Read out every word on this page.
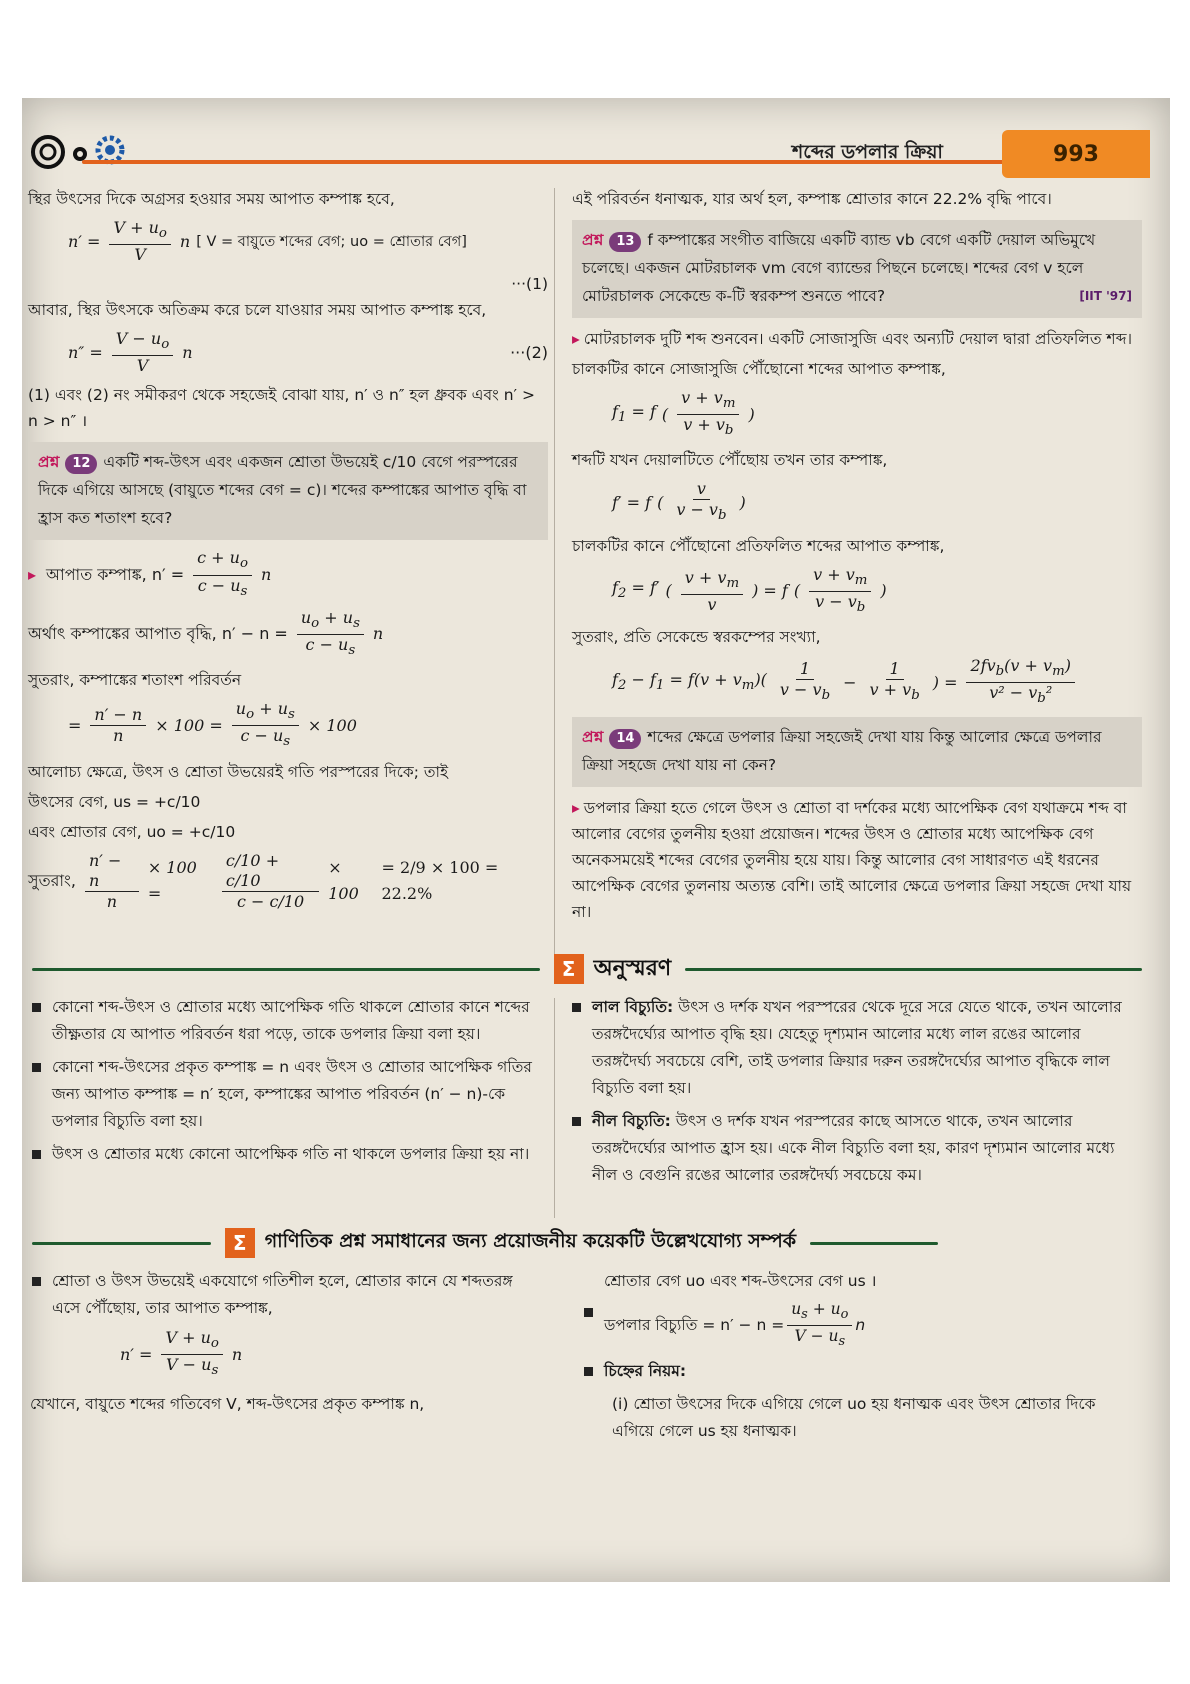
শব্দের ডপলার ক্রিয়া	993

স্থির উৎসের দিকে অগ্রসর হওয়ার সময় আপাত কম্পাঙ্ক হবে,

$n' = \frac{V + u_o}{V}$ n [ V = বায়ুতে শব্দের বেগ; uo = শ্রোতার বেগ]
···(1)

আবার, স্থির উৎসকে অতিক্রম করে চলে যাওয়ার সময় আপাত কম্পাঙ্ক হবে,

$n'' = \frac{V - u_o}{V}$ n	···(2)

(1) এবং (2) নং সমীকরণ থেকে সহজেই বোঝা যায়, n′ ও n″ হল ধ্রুবক এবং n′ > n > n″ ।

প্রশ্ন 12 একটি শব্দ-উৎস এবং একজন শ্রোতা উভয়েই c/10 বেগে পরস্পরের দিকে এগিয়ে আসছে (বায়ুতে শব্দের বেগ = c)। শব্দের কম্পাঙ্কের আপাত বৃদ্ধি বা হ্রাস কত শতাংশ হবে?
▸ আপাত কম্পাঙ্ক, $n' = \frac{c + u_o}{c - u_s}$ n
অর্থাৎ কম্পাঙ্কের আপাত বৃদ্ধি, $n' - n = \frac{u_o + u_s}{c - u_s}$ n

সুতরাং, কম্পাঙ্কের শতাংশ পরিবর্তন

= $\frac{n' - n}{n} \times 100 = \frac{u_o + u_s}{c - u_s} \times 100$

আলোচ্য ক্ষেত্রে, উৎস ও শ্রোতা উভয়েরই গতি পরস্পরের দিকে; তাই

উৎসের বেগ, us = +c/10

এবং শ্রোতার বেগ, uo = +c/10

সুতরাং, $\frac{n' - n}{n} \times 100$ =	$\frac{c/10 + c/10}{c - c/10} \times 100$
= 2/9 × 100 = 22.2%

এই পরিবর্তন ধনাত্মক, যার অর্থ হল, কম্পাঙ্ক শ্রোতার কানে 22.2% বৃদ্ধি পাবে।

প্রশ্ন 13 f কম্পাঙ্কের সংগীত বাজিয়ে একটি ব্যান্ড vb বেগে একটি দেয়াল অভিমুখে চলেছে। একজন মোটরচালক vm বেগে ব্যান্ডের পিছনে চলেছে। শব্দের বেগ v হলে মোটরচালক সেকেন্ডে ক-টি স্বরকম্প শুনতে পাবে?	[IIT '97]

▸ মোটরচালক দুটি শব্দ শুনবেন। একটি সোজাসুজি এবং অন্যটি দেয়াল দ্বারা প্রতিফলিত শব্দ।

চালকটির কানে সোজাসুজি পৌঁছোনো শব্দের আপাত কম্পাঙ্ক,

$f_1 = f$ ( $\frac{v + v_m}{v + v_b}$ )

শব্দটি যখন দেয়ালটিতে পৌঁছোয় তখন তার কম্পাঙ্ক,

f′ = f ( $\frac{v}{v - v_b}$ )

চালকটির কানে পৌঁছোনো প্রতিফলিত শব্দের আপাত কম্পাঙ্ক,

$f_2 = f'$ ( $\frac{v + v_m}{v}$ ) = f ( $\frac{v + v_m}{v - v_b}$ )

সুতরাং, প্রতি সেকেন্ডে স্বরকম্পের সংখ্যা,

$f_2 - f_1 = f(v + v_m)( \frac{1}{v - v_b} - \frac{1}{v + v_b}$ ) = $\frac{2fv_b(v + v_m)}{v^2 - v_b^2}$
প্রশ্ন 14 শব্দের ক্ষেত্রে ডপলার ক্রিয়া সহজেই দেখা যায় কিন্তু আলোর ক্ষেত্রে ডপলার ক্রিয়া সহজে দেখা যায় না কেন?

▸ ডপলার ক্রিয়া হতে গেলে উৎস ও শ্রোতা বা দর্শকের মধ্যে আপেক্ষিক বেগ যথাক্রমে শব্দ বা আলোর বেগের তুলনীয় হওয়া প্রয়োজন। শব্দের উৎস ও শ্রোতার মধ্যে আপেক্ষিক বেগ অনেকসময়েই শব্দের বেগের তুলনীয় হয়ে যায়। কিন্তু আলোর বেগ সাধারণত এই ধরনের আপেক্ষিক বেগের তুলনায় অত্যন্ত বেশি। তাই আলোর ক্ষেত্রে ডপলার ক্রিয়া সহজে দেখা যায় না।

Σ অনুস্মরণ
কোনো শব্দ-উৎস ও শ্রোতার মধ্যে আপেক্ষিক গতি থাকলে শ্রোতার কানে শব্দের তীক্ষ্ণতার যে আপাত পরিবর্তন ধরা পড়ে, তাকে ডপলার ক্রিয়া বলা হয়।
কোনো শব্দ-উৎসের প্রকৃত কম্পাঙ্ক = n এবং উৎস ও শ্রোতার আপেক্ষিক গতির জন্য আপাত কম্পাঙ্ক = n′ হলে, কম্পাঙ্কের আপাত পরিবর্তন (n′ − n)-কে ডপলার বিচ্যুতি বলা হয়।
উৎস ও শ্রোতার মধ্যে কোনো আপেক্ষিক গতি না থাকলে ডপলার ক্রিয়া হয় না।
লাল বিচ্যুতি: উৎস ও দর্শক যখন পরস্পরের থেকে দূরে সরে যেতে থাকে, তখন আলোর তরঙ্গদৈর্ঘ্যের আপাত বৃদ্ধি হয়। যেহেতু দৃশ্যমান আলোর মধ্যে লাল রঙের আলোর তরঙ্গদৈর্ঘ্য সবচেয়ে বেশি, তাই ডপলার ক্রিয়ার দরুন তরঙ্গদৈর্ঘ্যের আপাত বৃদ্ধিকে লাল বিচ্যুতি বলা হয়।
নীল বিচ্যুতি: উৎস ও দর্শক যখন পরস্পরের কাছে আসতে থাকে, তখন আলোর তরঙ্গদৈর্ঘ্যের আপাত হ্রাস হয়। একে নীল বিচ্যুতি বলা হয়, কারণ দৃশ্যমান আলোর মধ্যে নীল ও বেগুনি রঙের আলোর তরঙ্গদৈর্ঘ্য সবচেয়ে কম।
Σ গাণিতিক প্রশ্ন সমাধানের জন্য প্রয়োজনীয় কয়েকটি উল্লেখযোগ্য সম্পর্ক
শ্রোতা ও উৎস উভয়েই একযোগে গতিশীল হলে, শ্রোতার কানে যে শব্দতরঙ্গ এসে পৌঁছোয়, তার আপাত কম্পাঙ্ক,
$n' = \frac{V + u_o}{V - u_s}$ n

যেখানে, বায়ুতে শব্দের গতিবেগ V, শব্দ-উৎসের প্রকৃত কম্পাঙ্ক n,

শ্রোতার বেগ uo এবং শব্দ-উৎসের বেগ us ।

ডপলার বিচ্যুতি = $n' - n = \frac{u_s + u_o}{V - u_s}$ n
চিহ্নের নিয়ম:

(i) শ্রোতা উৎসের দিকে এগিয়ে গেলে uo হয় ধনাত্মক এবং উৎস শ্রোতার দিকে এগিয়ে গেলে us হয় ধনাত্মক।
